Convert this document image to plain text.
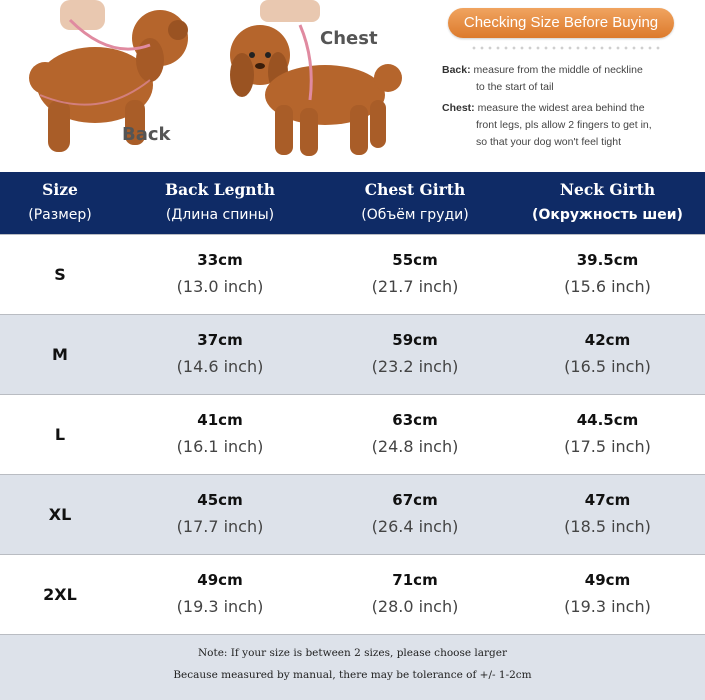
Back
Chest
Checking Size Before Buying
Back: measure from the middle of neckline
to the start of tail
Chest: measure the widest area behind the
front legs, pls allow 2 fingers to get in,
so that your dog won't feel tight
Size
(Размер)
Back Legnth
(Длина спины)
Chest Girth
(Объём груди)
Neck Girth
(Окружность шеи)
S
33cm
(13.0 inch)
55cm
(21.7 inch)
39.5cm
(15.6 inch)
M
37cm
(14.6 inch)
59cm
(23.2 inch)
42cm
(16.5 inch)
L
41cm
(16.1 inch)
63cm
(24.8 inch)
44.5cm
(17.5 inch)
XL
45cm
(17.7 inch)
67cm
(26.4 inch)
47cm
(18.5 inch)
2XL
49cm
(19.3 inch)
71cm
(28.0 inch)
49cm
(19.3 inch)
Note: If your size is between 2 sizes, please choose larger
Because measured by manual, there may be tolerance of +/- 1-2cm
